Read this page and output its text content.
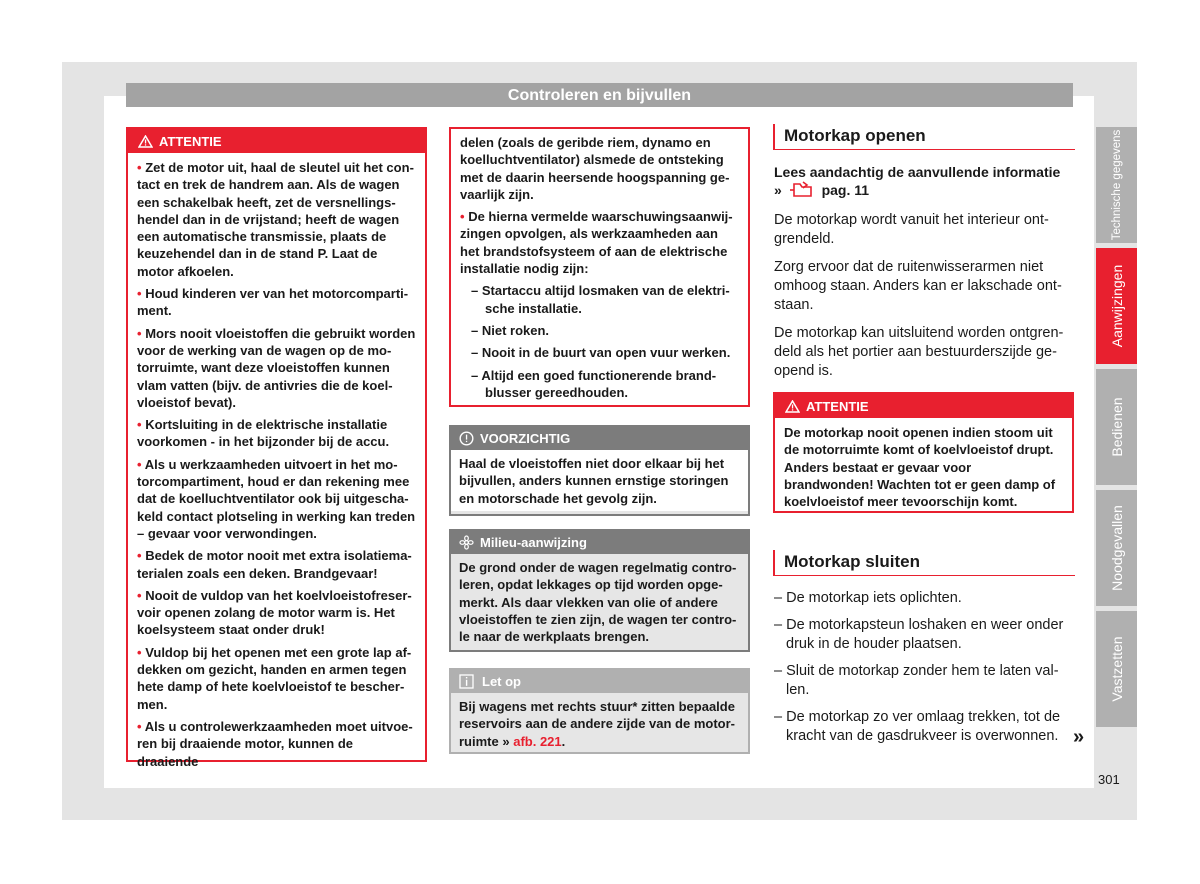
Controleren en bijvullen
ATTENTIE
• Zet de motor uit, haal de sleutel uit het contact en trek de handrem aan. Als de wagen een schakelbak heeft, zet de versnellingshendel dan in de vrijstand; heeft de wagen een automatische transmissie, plaats de keuzehendel dan in de stand P. Laat de motor afkoelen.
• Houd kinderen ver van het motorcompartiment.
• Mors nooit vloeistoffen die gebruikt worden voor de werking van de wagen op de motorruimte, want deze vloeistoffen kunnen vlam vatten (bijv. de antivries die de koelvloeistof bevat).
• Kortsluiting in de elektrische installatie voorkomen - in het bijzonder bij de accu.
• Als u werkzaamheden uitvoert in het motorcompartiment, houd er dan rekening mee dat de koelluchtventilator ook bij uitgeschakeld contact plotseling in werking kan treden – gevaar voor verwondingen.
• Bedek de motor nooit met extra isolatiematerialen zoals een deken. Brandgevaar!
• Nooit de vuldop van het koelvloeistofreservoir openen zolang de motor warm is. Het koelsysteem staat onder druk!
• Vuldop bij het openen met een grote lap afdekken om gezicht, handen en armen tegen hete damp of hete koelvloeistof te beschermen.
• Als u controlewerkzaamheden moet uitvoeren bij draaiende motor, kunnen de draaiende
delen (zoals de geribde riem, dynamo en koelluchtventilator) alsmede de ontsteking met de daarin heersende hoogspanning gevaarlijk zijn.
• De hierna vermelde waarschuwingsaanwijzingen opvolgen, als werkzaamheden aan het brandstofsysteem of aan de elektrische installatie nodig zijn:
– Startaccu altijd losmaken van de elektrische installatie.
– Niet roken.
– Nooit in de buurt van open vuur werken.
– Altijd een goed functionerende brandblusser gereedhouden.
VOORZICHTIG
Haal de vloeistoffen niet door elkaar bij het bijvullen, anders kunnen ernstige storingen en motorschade het gevolg zijn.
Milieu-aanwijzing
De grond onder de wagen regelmatig controleren, opdat lekkages op tijd worden opgemerkt. Als daar vlekken van olie of andere vloeistoffen te zien zijn, de wagen ter controle naar de werkplaats brengen.
Let op
Bij wagens met rechts stuur* zitten bepaalde reservoirs aan de andere zijde van de motorruimte » afb. 221.
Motorkap openen
Lees aandachtig de aanvullende informatie
»	pag. 11

De motorkap wordt vanuit het interieur ontgrendeld.

Zorg ervoor dat de ruitenwisserarmen niet omhoog staan. Anders kan er lakschade ontstaan.

De motorkap kan uitsluitend worden ontgrendeld als het portier aan bestuurderszijde geopend is.

ATTENTIE
De motorkap nooit openen indien stoom uit de motorruimte komt of koelvloeistof drupt. Anders bestaat er gevaar voor brandwonden! Wachten tot er geen damp of koelvloeistof meer tevoorschijn komt.
Motorkap sluiten
– De motorkap iets oplichten.
– De motorkapsteun loshaken en weer onder druk in de houder plaatsen.
– Sluit de motorkap zonder hem te laten vallen.
– De motorkap zo ver omlaag trekken, tot de kracht van de gasdrukveer is overwonnen. »
Technische gegevens
Aanwijzingen
Bedienen
Noodgevallen
Vastzetten
301
